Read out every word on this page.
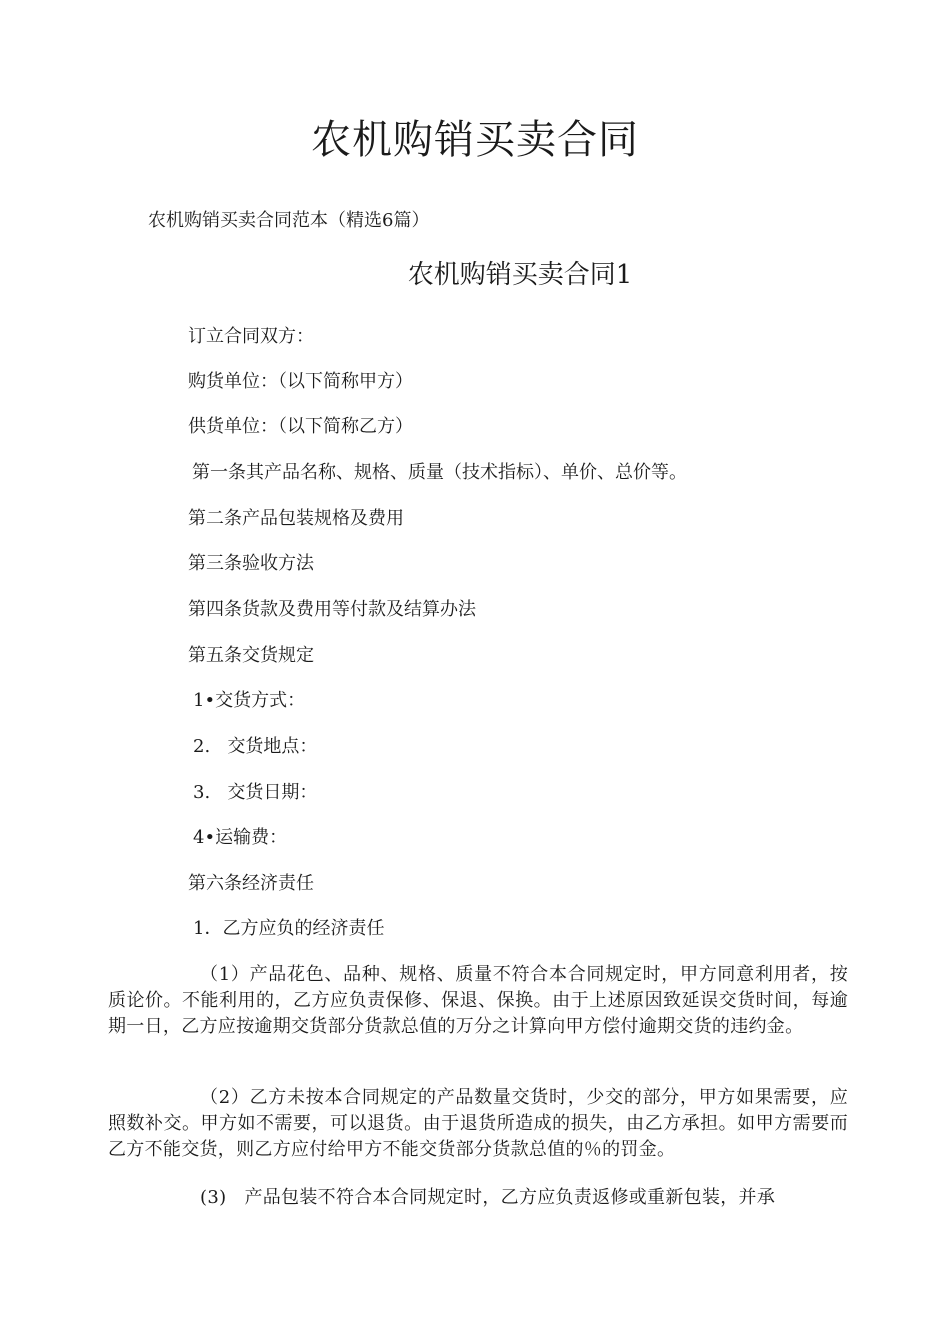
农机购销买卖合同

农机购销买卖合同范本（精选6篇）

农机购销买卖合同1

订立合同双方：

购货单位：（以下简称甲方）

供货单位：（以下简称乙方）

第一条其产品名称、规格、质量（技术指标）、单价、总价等。

第二条产品包装规格及费用

第三条验收方法

第四条货款及费用等付款及结算办法

第五条交货规定

1•交货方式：

2.   交货地点：

3.   交货日期：

4•运输费：

第六条经济责任

1．乙方应负的经济责任

（1）产品花色、品种、规格、质量不符合本合同规定时，甲方同意利用者，按质论价。不能利用的，乙方应负责保修、保退、保换。由于上述原因致延误交货时间，每逾期一日，乙方应按逾期交货部分货款总值的万分之计算向甲方偿付逾期交货的违约金。

（2）乙方未按本合同规定的产品数量交货时，少交的部分，甲方如果需要，应照数补交。甲方如不需要，可以退货。由于退货所造成的损失，由乙方承担。如甲方需要而乙方不能交货，则乙方应付给甲方不能交货部分货款总值的％的罚金。

(3)   产品包装不符合本合同规定时，乙方应负责返修或重新包装，并承
